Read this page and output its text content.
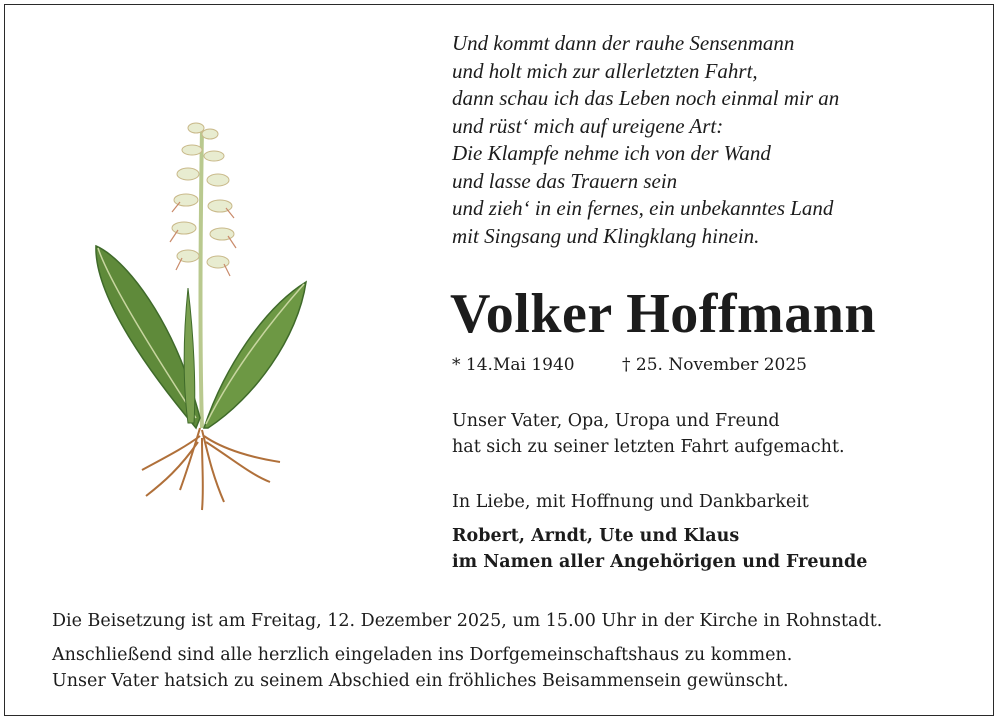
Und kommt dann der rauhe Sensenmann
und holt mich zur allerletzten Fahrt,
dann schau ich das Leben noch einmal mir an
und rüst‘ mich auf ureigene Art:
Die Klampfe nehme ich von der Wand
und lasse das Trauern sein
und zieh‘ in ein fernes, ein unbekanntes Land
mit Singsang und Klingklang hinein.
Volker Hoffmann
* 14.Mai 1940	† 25. November 2025
Unser Vater, Opa, Uropa und Freund
hat sich zu seiner letzten Fahrt aufgemacht.
In Liebe, mit Hoffnung und Dankbarkeit
Robert, Arndt, Ute und Klaus
im Namen aller Angehörigen und Freunde
Die Beisetzung ist am Freitag, 12. Dezember 2025, um 15.00 Uhr in der Kirche in Rohnstadt.
Anschließend sind alle herzlich eingeladen ins Dorfgemeinschaftshaus zu kommen.
Unser Vater hatsich zu seinem Abschied ein fröhliches Beisammensein gewünscht.
